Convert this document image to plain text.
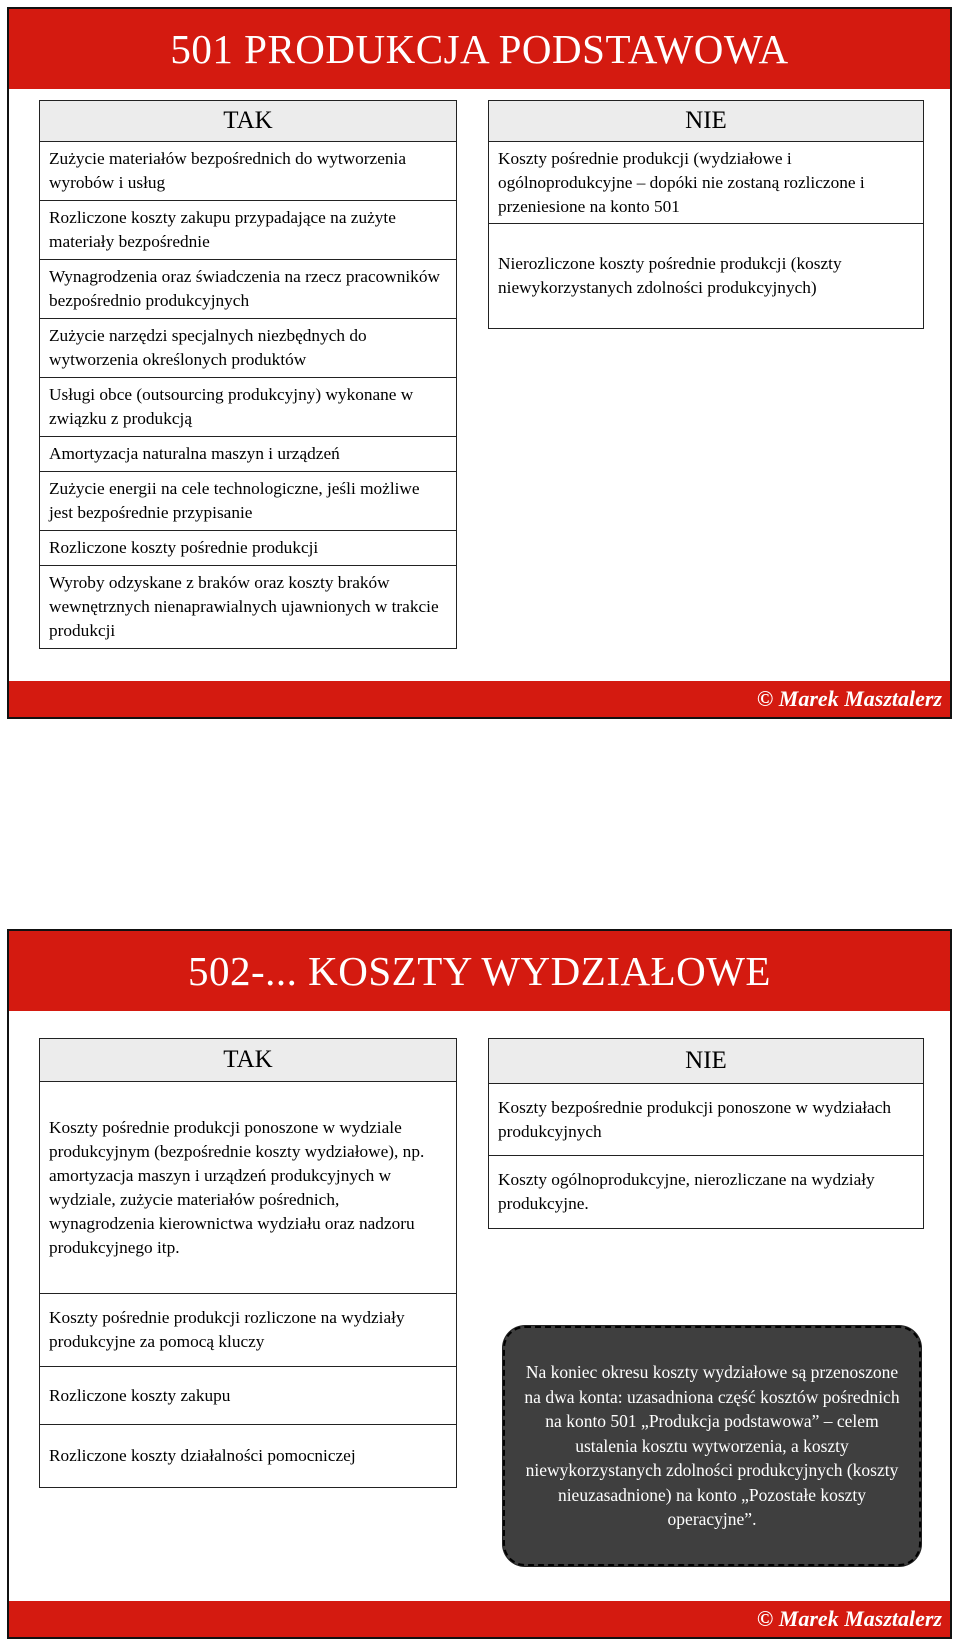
501 PRODUKCJA PODSTAWOWA
TAK
Zużycie materiałów bezpośrednich do wytworzenia wyrobów i usług
Rozliczone koszty zakupu przypadające na zużyte materiały bezpośrednie
Wynagrodzenia oraz świadczenia na rzecz pracowników bezpośrednio produkcyjnych
Zużycie narzędzi specjalnych niezbędnych do wytworzenia określonych produktów
Usługi obce (outsourcing produkcyjny) wykonane w związku z produkcją
Amortyzacja naturalna maszyn i urządzeń
Zużycie energii na cele technologiczne, jeśli możliwe jest bezpośrednie przypisanie
Rozliczone koszty pośrednie produkcji
Wyroby odzyskane z braków oraz koszty braków wewnętrznych nienaprawialnych ujawnionych w trakcie produkcji
NIE
Koszty pośrednie produkcji (wydziałowe i ogólnoprodukcyjne – dopóki nie zostaną rozliczone i przeniesione na konto 501
Nierozliczone koszty pośrednie produkcji (koszty niewykorzystanych zdolności produkcyjnych)
© Marek Masztalerz
502-... KOSZTY WYDZIAŁOWE
TAK
Koszty pośrednie produkcji ponoszone w wydziale produkcyjnym (bezpośrednie koszty wydziałowe), np. amortyzacja maszyn i urządzeń produkcyjnych w wydziale, zużycie materiałów pośrednich, wynagrodzenia kierownictwa wydziału oraz nadzoru produkcyjnego itp.
Koszty pośrednie produkcji rozliczone na wydziały produkcyjne za pomocą kluczy
Rozliczone koszty zakupu
Rozliczone koszty działalności pomocniczej
NIE
Koszty bezpośrednie produkcji ponoszone w wydziałach produkcyjnych
Koszty ogólnoprodukcyjne, nierozliczane na wydziały produkcyjne.
Na koniec okresu koszty wydziałowe są przenoszone na dwa konta: uzasadniona część kosztów pośrednich na konto 501 „Produkcja podstawowa” – celem ustalenia kosztu wytworzenia, a koszty niewykorzystanych zdolności produkcyjnych (koszty nieuzasadnione) na konto „Pozostałe koszty operacyjne”.
© Marek Masztalerz
